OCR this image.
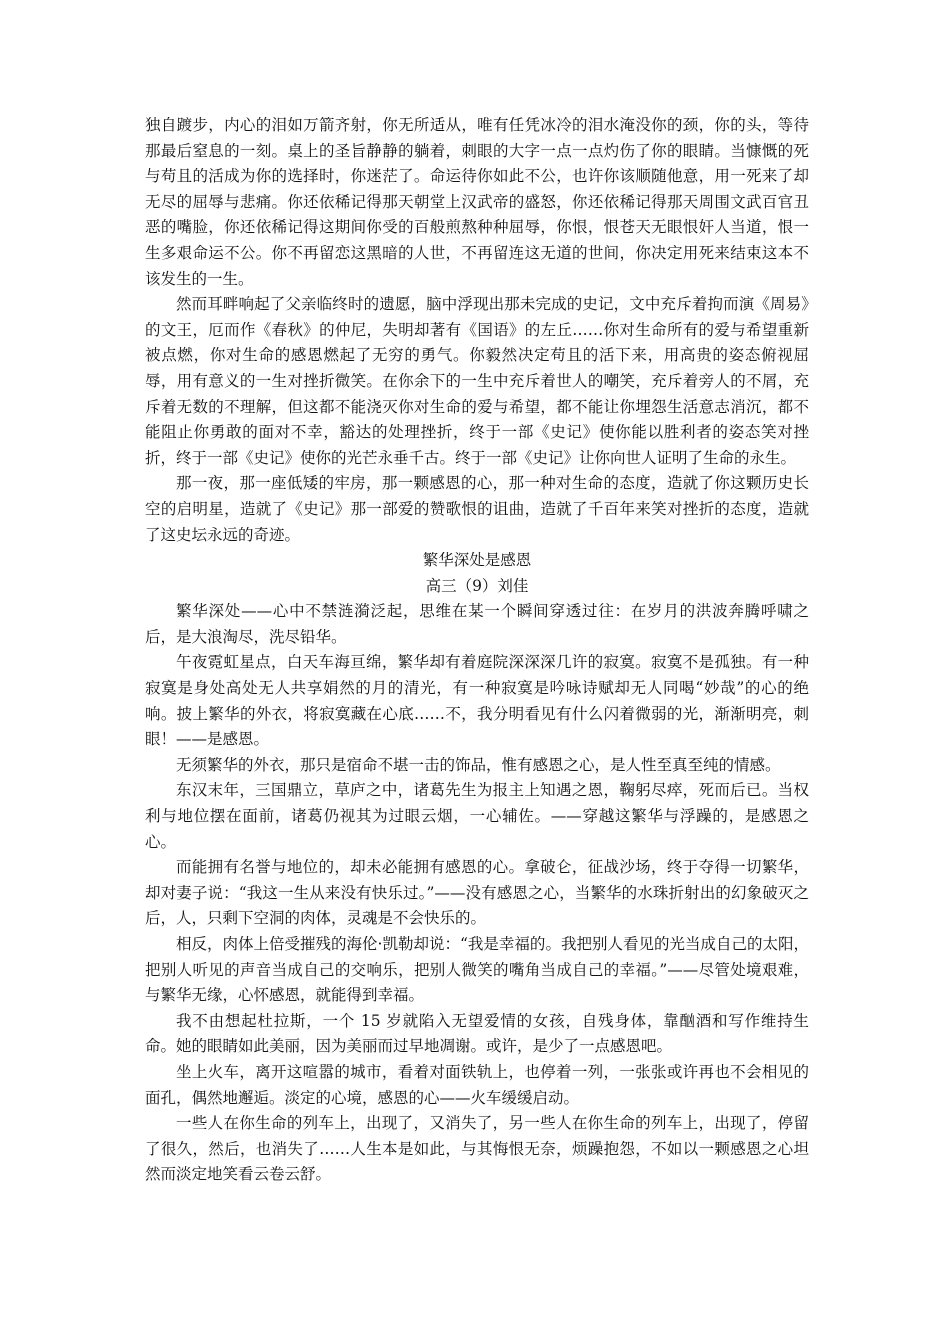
独自踱步，内心的泪如万箭齐射，你无所适从，唯有任凭冰冷的泪水淹没你的颈，你的头，等待那最后窒息的一刻。桌上的圣旨静静的躺着，刺眼的大字一点一点灼伤了你的眼睛。当慷慨的死与苟且的活成为你的选择时，你迷茫了。命运待你如此不公，也许你该顺随他意，用一死来了却无尽的屈辱与悲痛。你还依稀记得那天朝堂上汉武帝的盛怒，你还依稀记得那天周围文武百官丑恶的嘴脸，你还依稀记得这期间你受的百般煎熬种种屈辱，你恨，恨苍天无眼恨奸人当道，恨一生多艰命运不公。你不再留恋这黑暗的人世，不再留连这无道的世间，你决定用死来结束这本不该发生的一生。

然而耳畔响起了父亲临终时的遗愿，脑中浮现出那未完成的史记，文中充斥着拘而演《周易》的文王，厄而作《春秋》的仲尼，失明却著有《国语》的左丘……你对生命所有的爱与希望重新被点燃，你对生命的感恩燃起了无穷的勇气。你毅然决定苟且的活下来，用高贵的姿态俯视屈辱，用有意义的一生对挫折微笑。在你余下的一生中充斥着世人的嘲笑，充斥着旁人的不屑，充斥着无数的不理解，但这都不能浇灭你对生命的爱与希望，都不能让你埋怨生活意志消沉，都不能阻止你勇敢的面对不幸，豁达的处理挫折，终于一部《史记》使你能以胜利者的姿态笑对挫折，终于一部《史记》使你的光芒永垂千古。终于一部《史记》让你向世人证明了生命的永生。

那一夜，那一座低矮的牢房，那一颗感恩的心，那一种对生命的态度，造就了你这颗历史长空的启明星，造就了《史记》那一部爱的赞歌恨的诅曲，造就了千百年来笑对挫折的态度，造就了这史坛永远的奇迹。

繁华深处是感恩

高三（9）刘佳

繁华深处——心中不禁涟漪泛起，思维在某一个瞬间穿透过往：在岁月的洪波奔腾呼啸之后，是大浪淘尽，洗尽铅华。

午夜霓虹星点，白天车海亘绵，繁华却有着庭院深深深几许的寂寞。寂寞不是孤独。有一种寂寞是身处高处无人共享娟然的月的清光，有一种寂寞是吟咏诗赋却无人同喝“妙哉”的心的绝响。披上繁华的外衣，将寂寞藏在心底……不，我分明看见有什么闪着微弱的光，渐渐明亮，刺眼！——是感恩。

无须繁华的外衣，那只是宿命不堪一击的饰品，惟有感恩之心，是人性至真至纯的情感。

东汉末年，三国鼎立，草庐之中，诸葛先生为报主上知遇之恩，鞠躬尽瘁，死而后已。当权利与地位摆在面前，诸葛仍视其为过眼云烟，一心辅佐。——穿越这繁华与浮躁的，是感恩之心。

而能拥有名誉与地位的，却未必能拥有感恩的心。拿破仑，征战沙场，终于夺得一切繁华，却对妻子说：“我这一生从来没有快乐过。”——没有感恩之心，当繁华的水珠折射出的幻象破灭之后，人，只剩下空洞的肉体，灵魂是不会快乐的。

相反，肉体上倍受摧残的海伦·凯勒却说：“我是幸福的。我把别人看见的光当成自己的太阳，把别人听见的声音当成自己的交响乐，把别人微笑的嘴角当成自己的幸福。”——尽管处境艰难，与繁华无缘，心怀感恩，就能得到幸福。

我不由想起杜拉斯，一个 15 岁就陷入无望爱情的女孩，自残身体，靠酗酒和写作维持生命。她的眼睛如此美丽，因为美丽而过早地凋谢。或许，是少了一点感恩吧。

坐上火车，离开这喧嚣的城市，看着对面铁轨上，也停着一列，一张张或许再也不会相见的面孔，偶然地邂逅。淡定的心境，感恩的心——火车缓缓启动。

一些人在你生命的列车上，出现了，又消失了，另一些人在你生命的列车上，出现了，停留了很久，然后，也消失了……人生本是如此，与其悔恨无奈，烦躁抱怨，不如以一颗感恩之心坦然而淡定地笑看云卷云舒。
